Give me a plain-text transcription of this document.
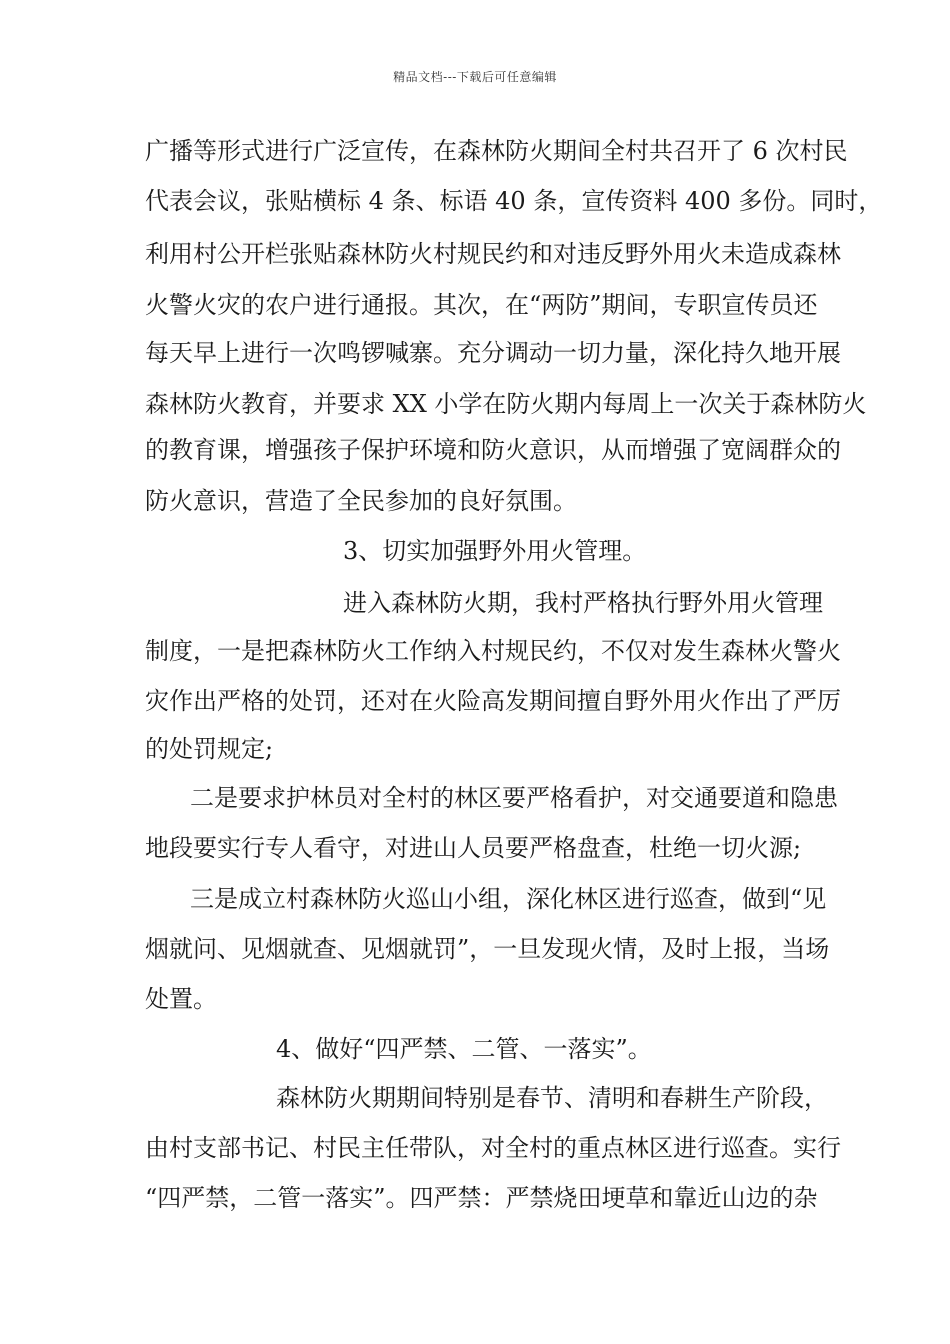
精品文档---下载后可任意编辑
广播等形式进行广泛宣传，在森林防火期间全村共召开了 6 次村民
代表会议，张贴横标 4 条、标语 40 条，宣传资料 400 多份。同时，
利用村公开栏张贴森林防火村规民约和对违反野外用火未造成森林
火警火灾的农户进行通报。其次，在“两防”期间，专职宣传员还
每天早上进行一次鸣锣喊寨。充分调动一切力量，深化持久地开展
森林防火教育，并要求 XX 小学在防火期内每周上一次关于森林防火
的教育课，增强孩子保护环境和防火意识，从而增强了宽阔群众的
防火意识，营造了全民参加的良好氛围。
3、切实加强野外用火管理。
进入森林防火期，我村严格执行野外用火管理
制度，一是把森林防火工作纳入村规民约，不仅对发生森林火警火
灾作出严格的处罚，还对在火险高发期间擅自野外用火作出了严厉
的处罚规定;
二是要求护林员对全村的林区要严格看护，对交通要道和隐患
地段要实行专人看守，对进山人员要严格盘查，杜绝一切火源;
三是成立村森林防火巡山小组，深化林区进行巡查，做到“见
烟就问、见烟就查、见烟就罚”，一旦发现火情，及时上报，当场
处置。
4、做好“四严禁、二管、一落实”。
森林防火期期间特别是春节、清明和春耕生产阶段，
由村支部书记、村民主任带队，对全村的重点林区进行巡查。实行
“四严禁，二管一落实”。四严禁：严禁烧田埂草和靠近山边的杂
